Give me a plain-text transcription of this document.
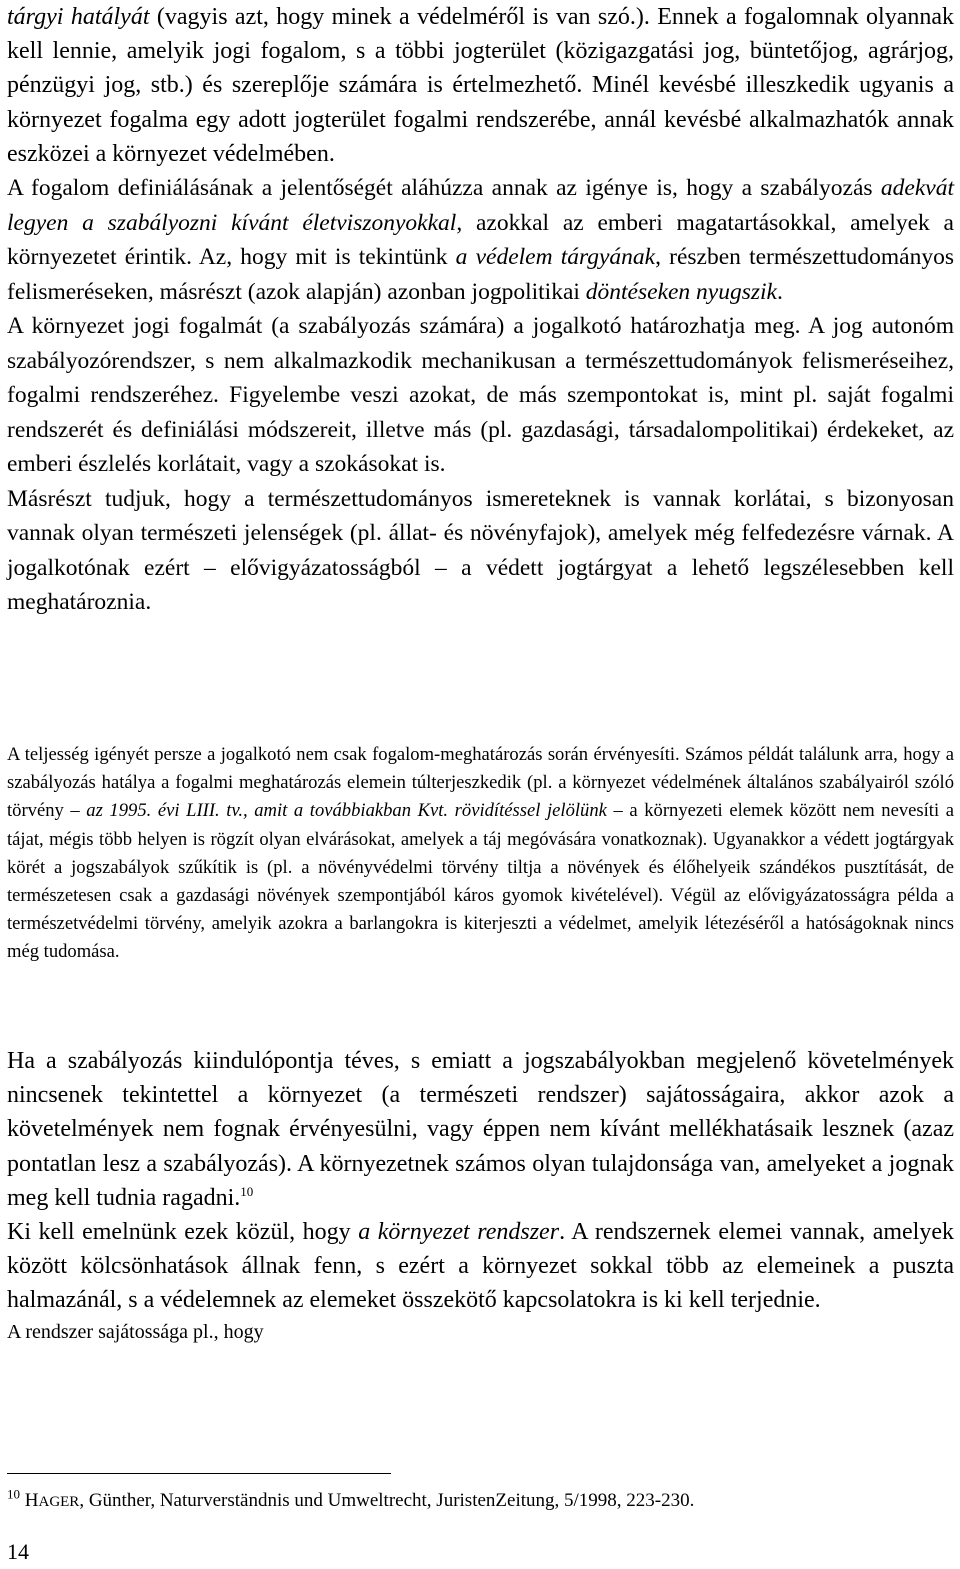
tárgyi hatályát (vagyis azt, hogy minek a védelméről is van szó.). Ennek a fogalomnak olyannak kell lennie, amelyik jogi fogalom, s a többi jogterület (közigazgatási jog, büntetőjog, agrárjog, pénzügyi jog, stb.) és szereplője számára is értelmezhető. Minél kevésbé illeszkedik ugyanis a környezet fogalma egy adott jogterület fogalmi rendszerébe, annál kevésbé alkalmazhatók annak eszközei a környezet védelmében.

A fogalom definiálásának a jelentőségét aláhúzza annak az igénye is, hogy a szabályozás adekvát legyen a szabályozni kívánt életviszonyokkal, azokkal az emberi magatartásokkal, amelyek a környezetet érintik. Az, hogy mit is tekintünk a védelem tárgyának, részben természettudományos felismeréseken, másrészt (azok alapján) azonban jogpolitikai döntéseken nyugszik.

A környezet jogi fogalmát (a szabályozás számára) a jogalkotó határozhatja meg. A jog autonóm szabályozórendszer, s nem alkalmazkodik mechanikusan a természettudományok felismeréseihez, fogalmi rendszeréhez. Figyelembe veszi azokat, de más szempontokat is, mint pl. saját fogalmi rendszerét és definiálási módszereit, illetve más (pl. gazdasági, társadalompolitikai) érdekeket, az emberi észlelés korlátait, vagy a szokásokat is.

Másrészt tudjuk, hogy a természettudományos ismereteknek is vannak korlátai, s bizonyosan vannak olyan természeti jelenségek (pl. állat- és növényfajok), amelyek még felfedezésre várnak. A jogalkotónak ezért – elővigyázatosságból – a védett jogtárgyat a lehető legszélesebben kell meghatároznia.

A teljesség igényét persze a jogalkotó nem csak fogalom-meghatározás során érvényesíti. Számos példát találunk arra, hogy a szabályozás hatálya a fogalmi meghatározás elemein túlterjeszkedik (pl. a környezet védelmének általános szabályairól szóló törvény – az 1995. évi LIII. tv., amit a továbbiakban Kvt. rövidítéssel jelölünk – a környezeti elemek között nem nevesíti a tájat, mégis több helyen is rögzít olyan elvárásokat, amelyek a táj megóvására vonatkoznak). Ugyanakkor a védett jogtárgyak körét a jogszabályok szűkítik is (pl. a növényvédelmi törvény tiltja a növények és élőhelyeik szándékos pusztítását, de természetesen csak a gazdasági növények szempontjából káros gyomok kivételével). Végül az elővigyázatosságra példa a természetvédelmi törvény, amelyik azokra a barlangokra is kiterjeszti a védelmet, amelyik létezéséről a hatóságoknak nincs még tudomása.

Ha a szabályozás kiindulópontja téves, s emiatt a jogszabályokban megjelenő követelmények nincsenek tekintettel a környezet (a természeti rendszer) sajátosságaira, akkor azok a követelmények nem fognak érvényesülni, vagy éppen nem kívánt mellékhatásaik lesznek (azaz pontatlan lesz a szabályozás). A környezetnek számos olyan tulajdonsága van, amelyeket a jognak meg kell tudnia ragadni.$^{10}$

Ki kell emelnünk ezek közül, hogy a környezet rendszer. A rendszernek elemei vannak, amelyek között kölcsönhatások állnak fenn, s ezért a környezet sokkal több az elemeinek a puszta halmazánál, s a védelemnek az elemeket összekötő kapcsolatokra is ki kell terjednie.

A rendszer sajátossága pl., hogy

$^{10}$ HAGER, Günther, Naturverständnis und Umweltrecht, JuristenZeitung, 5/1998, 223-230.
14
